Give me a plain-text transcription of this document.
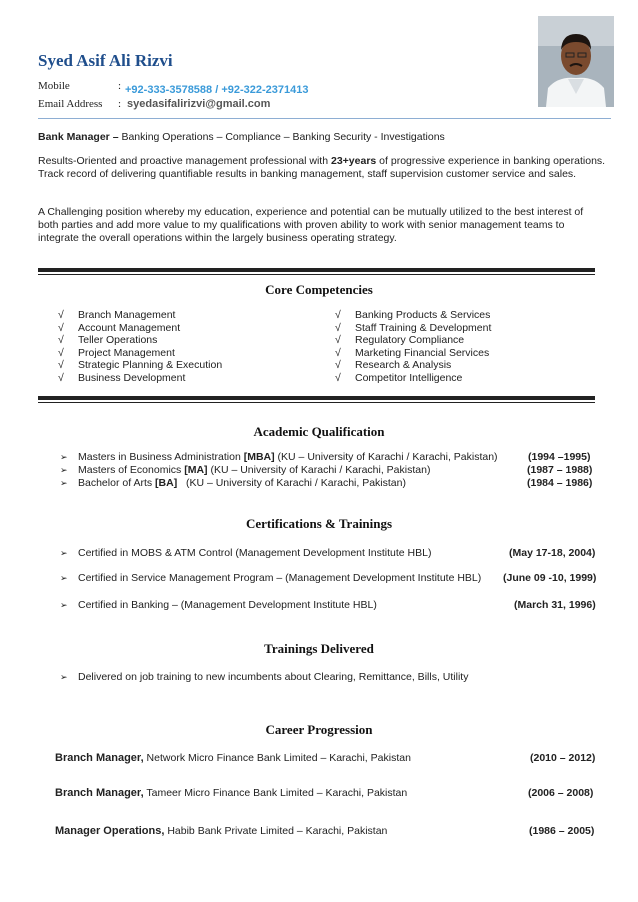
Syed Asif Ali Rizvi
Mobile	: +92-333-3578588 / +92-322-2371413
Email Address : syedasifalirizvi@gmail.com
Bank Manager – Banking Operations – Compliance – Banking Security - Investigations
Results-Oriented and proactive management professional with 23+years of progressive experience in banking operations. Track record of delivering quantifiable results in banking management, staff supervision customer service and sales.
A Challenging position whereby my education, experience and potential can be mutually utilized to the best interest of both parties and add more value to my qualifications with proven ability to work with senior management teams to integrate the overall operations within the largely business operating strategy.
Core Competencies
√ Branch Management
√ Account Management
√ Teller Operations
√ Project Management
√ Strategic Planning & Execution
√ Business Development
√ Banking Products & Services
√ Staff Training & Development
√ Regulatory Compliance
√ Marketing Financial Services
√ Research & Analysis
√ Competitor Intelligence
Academic Qualification
➢ Masters in Business Administration [MBA] (KU – University of Karachi / Karachi, Pakistan)	(1994 –1995)
➢ Masters of Economics [MA] (KU – University of Karachi / Karachi, Pakistan)	(1987 – 1988)
➢ Bachelor of Arts [BA]   (KU – University of Karachi / Karachi, Pakistan)	(1984 – 1986)
Certifications & Trainings
➢ Certified in MOBS & ATM Control (Management Development Institute HBL)	(May 17-18, 2004)
➢ Certified in Service Management Program – (Management Development Institute HBL) (June 09 -10, 1999)
➢ Certified in Banking – (Management Development Institute HBL)	(March 31, 1996)
Trainings Delivered
➢ Delivered on job training to new incumbents about Clearing, Remittance, Bills, Utility
Career Progression
Branch Manager, Network Micro Finance Bank Limited – Karachi, Pakistan	(2010 – 2012)
Branch Manager, Tameer Micro Finance Bank Limited – Karachi, Pakistan	(2006 – 2008)
Manager Operations, Habib Bank Private Limited – Karachi, Pakistan	(1986 – 2005)
